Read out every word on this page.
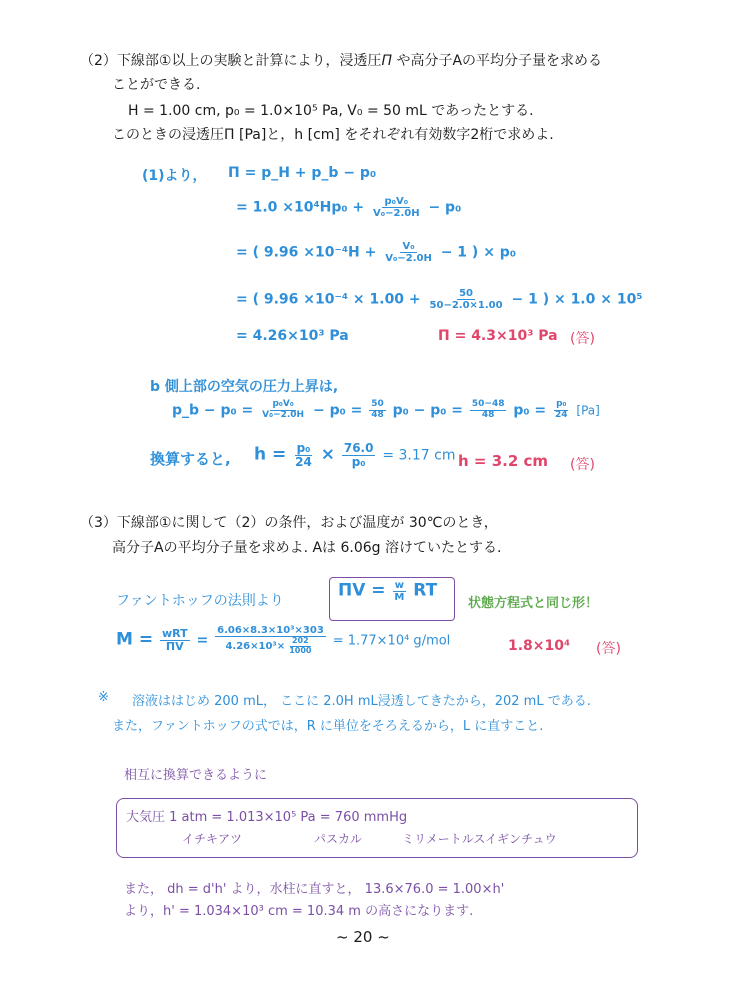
（2）下線部①以上の実験と計算により，浸透圧Π や高分子Aの平均分子量を求める
ことができる.
H = 1.00 cm, p₀ = 1.0×10⁵ Pa, V₀ = 50 mL であったとする.
このときの浸透圧Π [Pa]と，h [cm] をそれぞれ有効数字2桁で求めよ.
(1)より， Π = p_H + p_b − p₀
= $1.0 \times 10^4Hp_0 + \frac{\text{p₀V₀}}{\text{V₀−2.0H}} - p_0$
= ( $9.96 \times 10^{-4}H + \frac{\text{V₀}}{\text{V₀−2.0H}} - 1$ ) × p₀
= ( $9.96 \times 10^{-4} \times 1.00 + \frac{50}{50-2.0\times 1.00} - 1$ ) × 1.0 × 10⁵
= 4.26×10³ Pa	Π = 4.3×10³ Pa (答)
b 側上部の空気の圧力上昇は,
p_b − $p_0 = \frac{\text{p₀V₀}}{\text{V₀−2.0H}} - p_0 = \frac{50}{48} p_0 - p_0 = \frac{50-48}{48} p_0 = \frac{\text{p₀}}{24} [Pa]$
換算すると, $h = \frac{\text{p₀}}{24} \times \frac{76.0}{\text{p₀}} = 3.17$ cm h = 3.2 cm (答)
（3）下線部①に関して（2）の条件，および温度が 30℃のとき，
高分子Aの平均分子量を求めよ. Aは 6.06g 溶けていたとする.
ファントホッフの法則より
$\Pi V = \frac{w}{M}$ RT
状態方程式と同じ形！
$M = \frac{\text{wRT}}{\Pi V} = \frac{\text{6.06×8.3×10³×303}}{4.26\times 10^3\times \frac{202}{1000}} = 1.77\times 10^4$ g/mol	1.8×10⁴ (答)
※ 溶液ははじめ 200 mL， ここに 2.0H mL浸透してきたから，202 mL である.
また，ファントホッフの式では，R に単位をそろえるから，L に直すこと.
相互に換算できるように
大気圧 1 atm = 1.013×10⁵ Pa = 760 mmHg
イチキアツ	パスカル	ミリメートルスイギンチュウ
また， dh = d'h' より，水柱に直すと， 13.6×76.0 = 1.00×h'
より，h' = 1.034×10³ cm = 10.34 m の高さになります.
~ 20 ~
